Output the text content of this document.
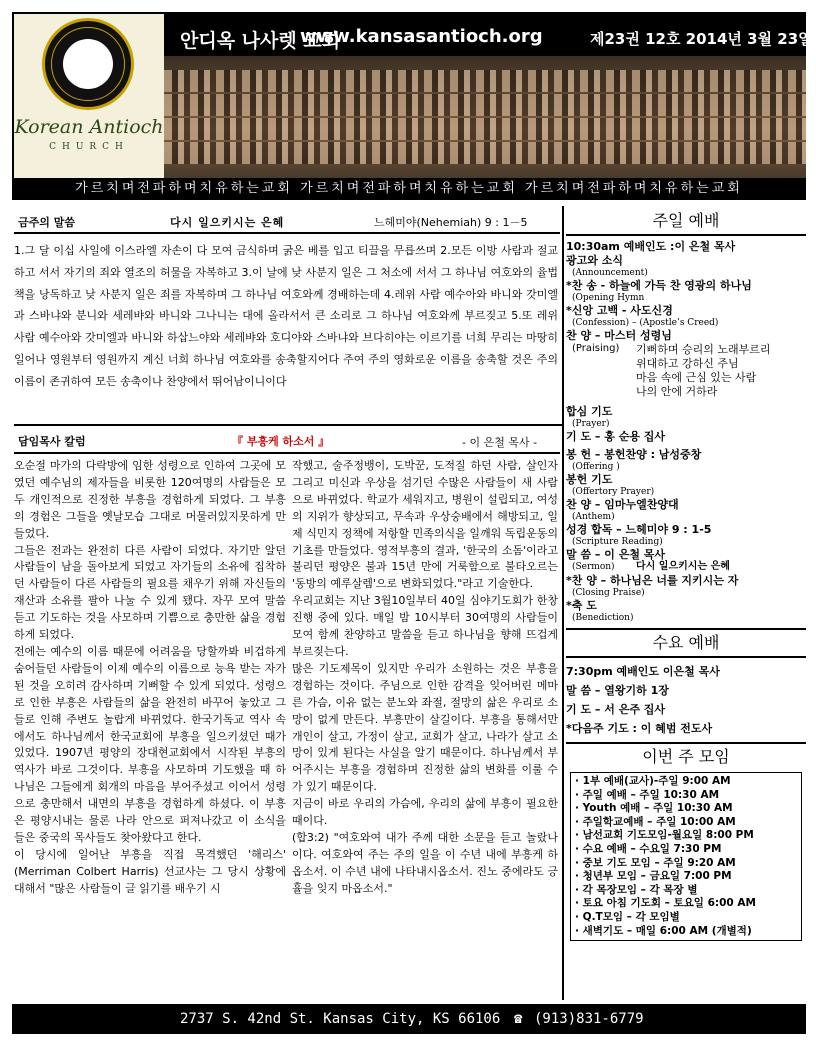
Korean Antioch
CHURCH
안디옥 나사렛 교회
www.kansasantioch.org	제23권 12호 2014년 3월 23일
가르치며전파하며치유하는교회 가르치며전파하며치유하는교회 가르치며전파하며치유하는교회
금주의 말씀	다시 일으키시는 은혜	느헤미야(Nehemiah) 9 : 1－5
1.그 달 이십 사일에 이스라엘 자손이 다 모여 금식하며 굵은 베를 입고 티끌을 무릅쓰며 2.모든 이방 사람과 절교하고 서서 자기의 죄와 열조의 허물을 자복하고 3.이 날에 낮 사분지 일은 그 처소에 서서 그 하나님 여호와의 율법책을 낭독하고 낮 사분지 일은 죄를 자복하며 그 하나님 여호와께 경배하는데 4.레위 사람 예수아와 바니와 갓미엘과 스바냐와 분니와 세레뱌와 바니와 그나니는 대에 올라서서 큰 소리로 그 하나님 여호와께 부르짖고 5.또 레위 사람 예수아와 갓미엘과 바니와 하삽느야와 세레뱌와 호디야와 스바냐와 브다히야는 이르기를 너희 무리는 마땅히 일어나 영원부터 영원까지 계신 너희 하나님 여호와를 송축할지어다 주여 주의 영화로운 이름을 송축할 것은 주의 이름이 존귀하여 모든 송축이나 찬양에서 뛰어남이니이다
담임목사 칼럼	『 부흥케 하소서 』	- 이 은철 목사 -
오순절 마가의 다락방에 임한 성령으로 인하여 그곳에 모였던 예수님의 제자들을 비롯한 120여명의 사람들은 모두 개인적으로 진정한 부흥을 경험하게 되었다. 그 부흥의 경험은 그들을 옛날모습 그대로 머물러있지못하게 만들었다.
그들은 전과는 완전히 다른 사람이 되었다. 자기만 알던 사람들이 남을 돌아보게 되었고 자기들의 소유에 집착하던 사람들이 다른 사람들의 필요를 채우기 위해 자신들의 재산과 소유를 팔아 나눌 수 있게 됐다. 자꾸 모여 말씀 듣고 기도하는 것을 사모하며 기쁨으로 충만한 삶을 경험하게 되었다.
전에는 예수의 이름 때문에 어려움을 당할까봐 비겁하게 숨어들던 사람들이 이제 예수의 이름으로 능욕 받는 자가 된 것을 오히려 감사하며 기뻐할 수 있게 되었다. 성령으로 인한 부흥은 사람들의 삶을 완전히 바꾸어 놓았고 그들로 인해 주변도 놀랍게 바뀌었다. 한국기독교 역사 속에서도 하나님께서 한국교회에 부흥을 일으키셨던 때가 있었다. 1907년 평양의 장대현교회에서 시작된 부흥의 역사가 바로 그것이다. 부흥을 사모하며 기도했을 때 하나님은 그들에게 회개의 마음을 부어주셨고 이어서 성령으로 충만해서 내면의 부흥을 경험하게 하셨다. 이 부흥은 평양시내는 물론 나라 안으로 퍼져나갔고 이 소식을 들은 중국의 목사들도 찾아왔다고 한다.
이 당시에 일어난 부흥을 직접 목격했던 '해리스' (Merriman Colbert Harris) 선교사는 그 당시 상황에 대해서 "많은 사람들이 글 읽기를 배우기 시
작했고, 술주정뱅이, 도박꾼, 도적질 하던 사람, 살인자 그리고 미신과 우상을 섬기던 수많은 사람들이 새 사람으로 바뀌었다. 학교가 세워지고, 병원이 설립되고, 여성의 지위가 향상되고, 무속과 우상숭배에서 해방되고, 일제 식민지 정책에 저항할 민족의식을 일깨워 독립운동의 기초를 만들었다. 영적부흥의 결과, '한국의 소돔'이라고 불리던 평양은 불과 15년 만에 거룩함으로 불타오르는 '동방의 예루살렘'으로 변화되었다."라고 기술한다.
우리교회는 지난 3월10일부터 40일 심야기도회가 한창 진행 중에 있다. 매일 밤 10시부터 30여명의 사람들이 모여 함께 찬양하고 말씀을 듣고 하나님을 향해 뜨겁게 부르짖는다.
많은 기도제목이 있지만 우리가 소원하는 것은 부흥을 경험하는 것이다. 주님으로 인한 감격을 잊어버린 메마른 가슴, 이유 없는 분노와 좌절, 절망의 삶은 우리로 소망이 없게 만든다. 부흥만이 살길이다. 부흥을 통해서만 개인이 살고, 가정이 살고, 교회가 살고, 나라가 살고 소망이 있게 된다는 사실을 알기 때문이다. 하나님께서 부어주시는 부흥을 경험하며 진정한 삶의 변화를 이룰 수가 있기 때문이다.
지금이 바로 우리의 가슴에, 우리의 삶에 부흥이 필요한 때이다.
(합3:2) "여호와여 내가 주께 대한 소문을 듣고 놀랐나이다. 여호와여 주는 주의 일을 이 수년 내에 부흥케 하옵소서. 이 수년 내에 나타내시옵소서. 진노 중에라도 긍휼을 잊지 마옵소서."
주일 예배
10:30am 예배인도 :이 은철 목사
광고와 소식
(Announcement)
*찬 송 - 하늘에 가득 찬 영광의 하나님
(Opening Hymn
*신앙 고백 - 사도신경
(Confession) – (Apostle’s Creed)
찬 양 – 마스터 성령님
(Praising) 기뻐하며 승리의 노래부르리
위대하고 강하신 주님
마음 속에 근심 있는 사람
나의 안에 거하라
합심 기도
(Prayer)
기 도 – 홍 순용 집사
봉 헌 – 봉헌찬양 : 남성중창
(Offering )
봉헌 기도
(Offertory Prayer)
찬 양 – 임마누엘찬양대
(Anthem)
성경 합독 – 느헤미야 9 : 1-5
(Scripture Reading)
말 씀 – 이 은철 목사
(Sermon) 다시 일으키시는 은혜
*찬 양 – 하나님은 너를 지키시는 자
(Closing Praise)
*축 도
(Benediction)
수요 예배
7:30pm 예배인도 이은철 목사
말 씀 – 열왕기하 1장
기 도 – 서 은주 집사
*다음주 기도 : 이 혜범 전도사
이번 주 모임
· 1부 예배(교사)-주일 9:00 AM
· 주일 예배 – 주일 10:30 AM
· Youth 예배 – 주일 10:30 AM
· 주일학교예배 – 주일 10:00 AM
· 남선교회 기도모임-월요일 8:00 PM
· 수요 예배 – 수요일 7:30 PM
· 중보 기도 모임 – 주일 9:20 AM
· 청년부 모임 – 금요일 7:00 PM
· 각 목장모임 – 각 목장 별
· 토요 아침 기도회 – 토요일 6:00 AM
· Q.T모임 – 각 모임별
· 새벽기도 – 매일 6:00 AM (개별적)
2737 S. 42nd St. Kansas City, KS 66106 ☎ (913)831-6779
